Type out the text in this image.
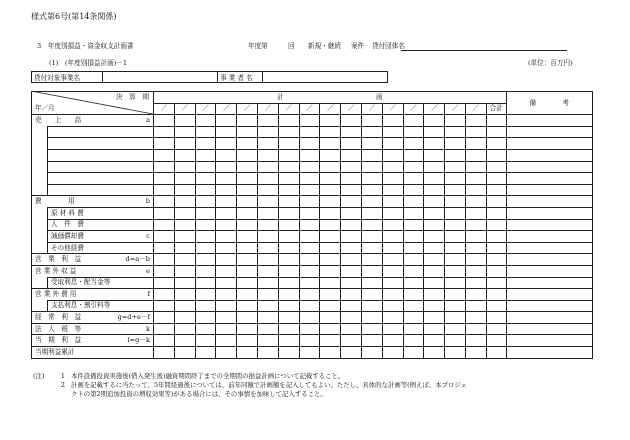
様式第6号(第14条関係)
3　年度別損益・資金収支計画書	年度第	回 新規・継続 案件 貸付団体名
(1)　(年度別損益計画)－1	(単位：百万円)
貸付対象事業名		事 業 者 名	
決　算　期
年／月		計　　　　　　　　　　　　　　画																	備　　　　考
		／	／	／	／	／	／	／	／	／	／	／	／	／	／	／	／	合計	

売　　上　　高 a																			

費　　　　用 b																			

	原 材 料 費																		

	人　件　費																		

	減価償却費 c																		

	その他経費																		

営　業　利　益 d=a－b																			

営 業 外 収 益 e																			

	受取利息・配当金等																		

営 業 外 費 用 f																			

	支払利息・割引料等																		

経　常　利　益 g=d+e－f																			

法　人　税　等 k																			

当　期　利　益 l=g－k																			

当期利益累計																			

(注)	1 本件設備投資実施後(借入発生後)融資期間終了までの全期間の損益計画について記載すること。
2 計画を記載するに当たって、5年間経過後については、前年同額で計画額を記入してもよい。ただし、具体的な計画等(例えば、本プロジェ
クトの第2期追加投資の増収効果等)がある場合には、その事情を加味して記入すること。
